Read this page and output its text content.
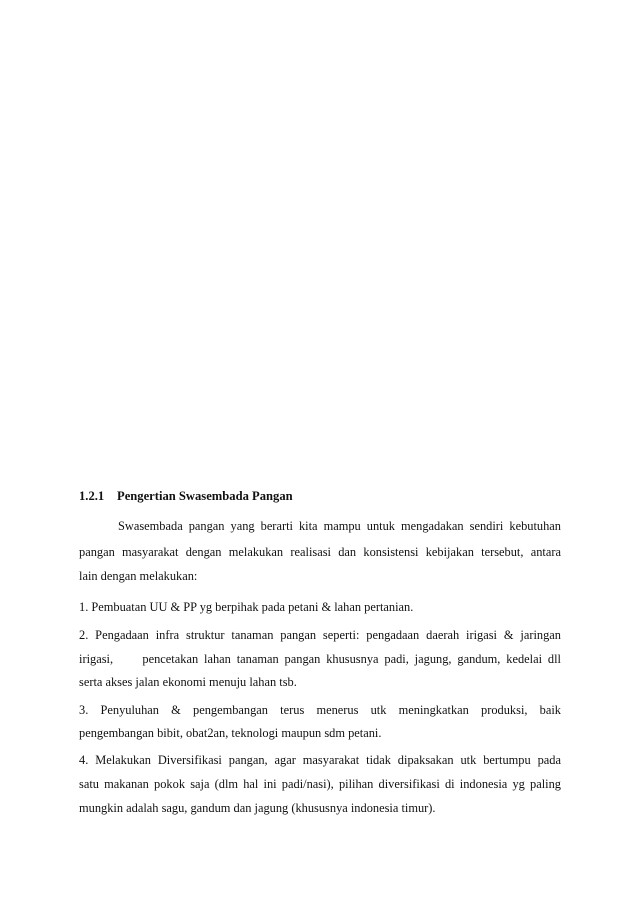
1.2.1 Pengertian Swasembada Pangan
Swasembada pangan yang berarti kita mampu untuk mengadakan sendiri kebutuhan
pangan masyarakat dengan melakukan realisasi dan konsistensi kebijakan tersebut, antara
lain dengan melakukan:
1. Pembuatan UU & PP yg berpihak pada petani & lahan pertanian.
2. Pengadaan infra struktur tanaman pangan seperti: pengadaan daerah irigasi & jaringan
irigasi,     pencetakan lahan tanaman pangan khususnya padi, jagung, gandum, kedelai dll
serta akses jalan ekonomi menuju lahan tsb.
3. Penyuluhan & pengembangan terus menerus utk meningkatkan produksi, baik
pengembangan bibit, obat2an, teknologi maupun sdm petani.
4. Melakukan Diversifikasi pangan, agar masyarakat tidak dipaksakan utk bertumpu pada
satu makanan pokok saja (dlm hal ini padi/nasi), pilihan diversifikasi di indonesia yg paling
mungkin adalah sagu, gandum dan jagung (khususnya indonesia timur).
